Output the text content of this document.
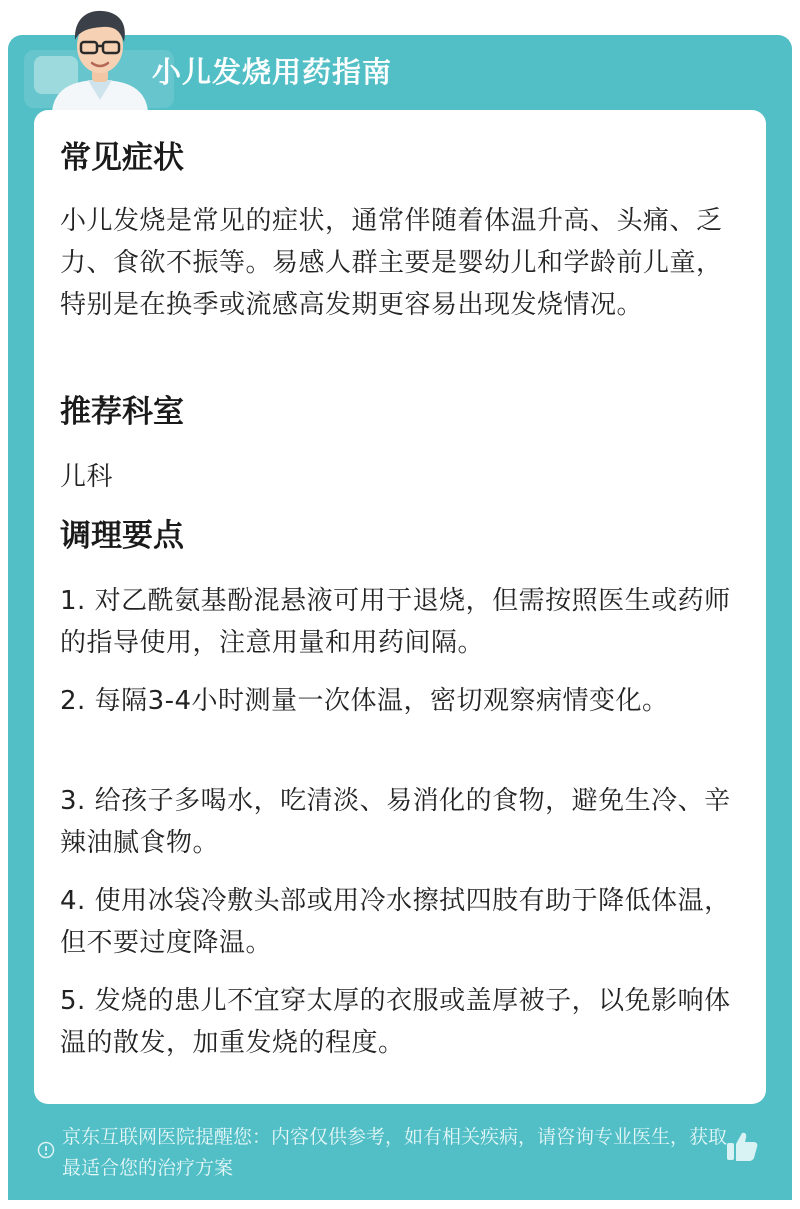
小儿发烧用药指南
常见症状
小儿发烧是常见的症状，通常伴随着体温升高、头痛、乏力、食欲不振等。易感人群主要是婴幼儿和学龄前儿童，特别是在换季或流感高发期更容易出现发烧情况。
推荐科室
儿科
调理要点
1. 对乙酰氨基酚混悬液可用于退烧，但需按照医生或药师的指导使用，注意用量和用药间隔。
2. 每隔3-4小时测量一次体温，密切观察病情变化。
3. 给孩子多喝水，吃清淡、易消化的食物，避免生冷、辛辣油腻食物。
4. 使用冰袋冷敷头部或用冷水擦拭四肢有助于降低体温，但不要过度降温。
5. 发烧的患儿不宜穿太厚的衣服或盖厚被子，以免影响体温的散发，加重发烧的程度。
京东互联网医院提醒您：内容仅供参考，如有相关疾病，请咨询专业医生，获取最适合您的治疗方案
